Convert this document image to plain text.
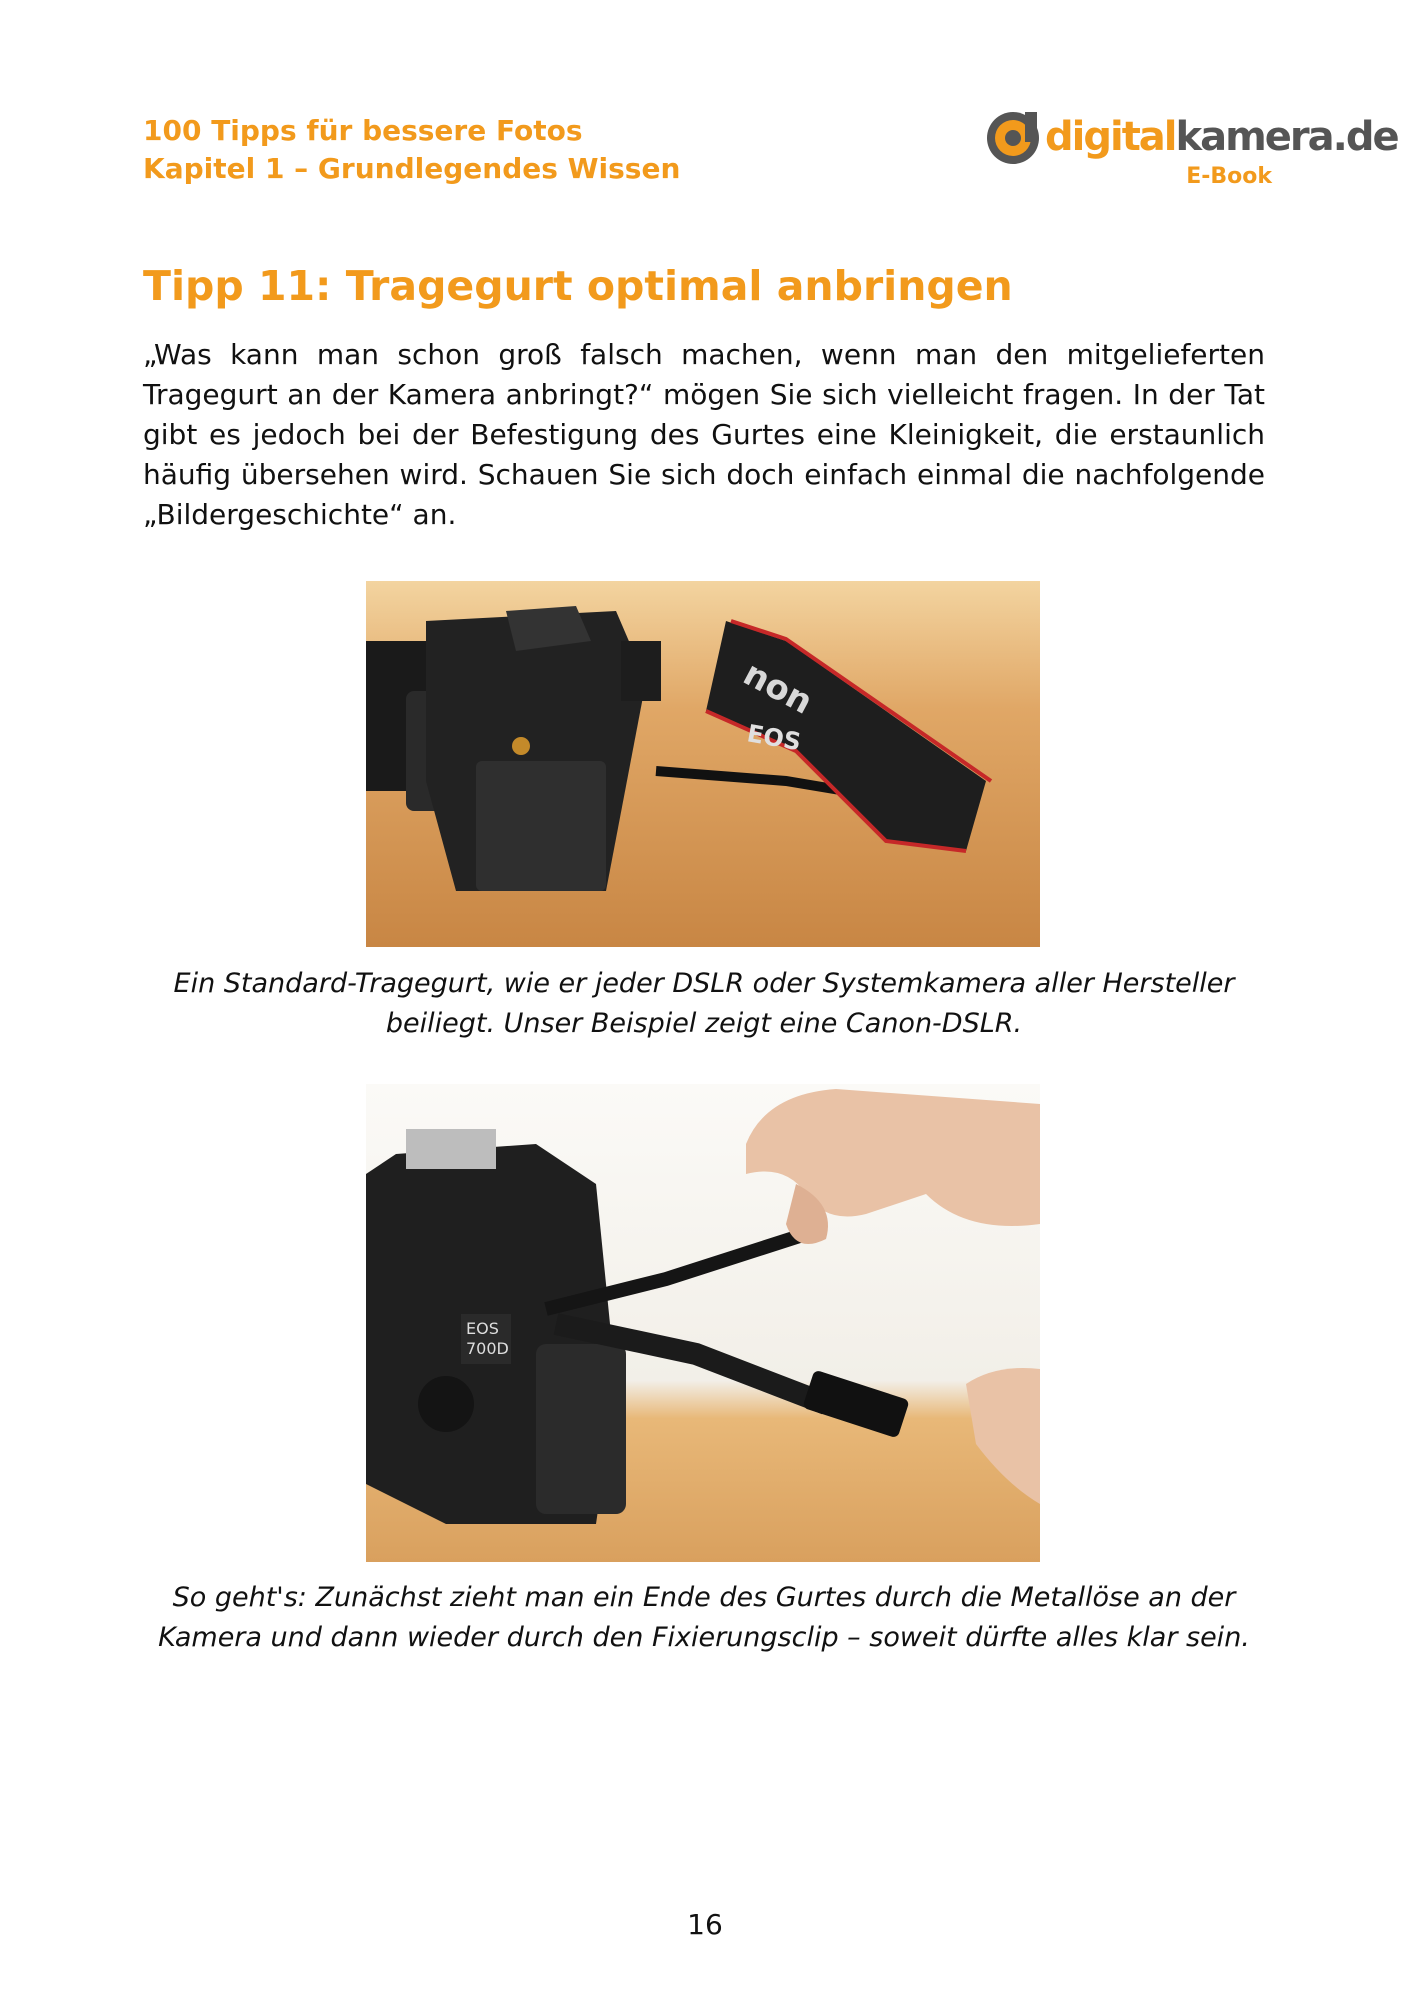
100 Tipps für bessere Fotos
Kapitel 1 – Grundlegendes Wissen
digitalkamera.de
E-Book
Tipp 11: Tragegurt optimal anbringen

„Was kann man schon groß falsch machen, wenn man den mitgelieferten Tragegurt an der Kamera anbringt?“ mögen Sie sich vielleicht fragen. In der Tat gibt es jedoch bei der Befestigung des Gurtes eine Kleinigkeit, die erstaunlich häufig übersehen wird. Schauen Sie sich doch einfach einmal die nachfolgende „Bildergeschichte“ an.

non
EOS

Ein Standard-Tragegurt, wie er jeder DSLR oder Systemkamera aller Hersteller beiliegt. Unser Beispiel zeigt eine Canon-DSLR.

EOS
700D

So geht's: Zunächst zieht man ein Ende des Gurtes durch die Metallöse an der Kamera und dann wieder durch den Fixierungsclip – soweit dürfte alles klar sein.

16
